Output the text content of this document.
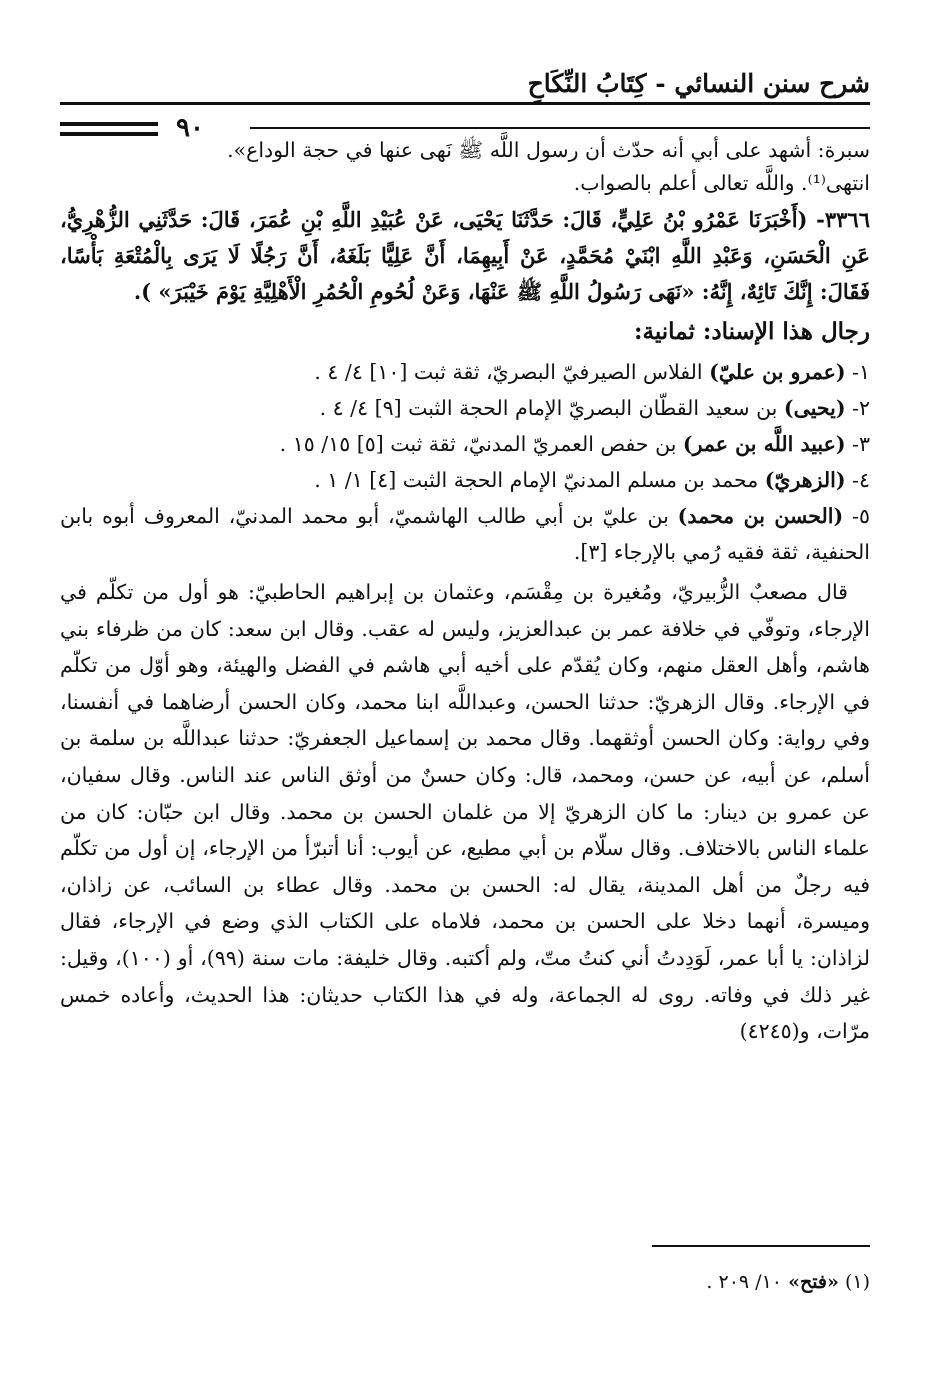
شرح سنن النسائي - كِتَابُ النِّكَاحِ
٩٠

سبرة: أشهد على أبي أنه حدّث أن رسول اللَّه ﷺ نَهى عنها في حجة الوداع».

انتهى⁽¹⁾. واللَّه تعالى أعلم بالصواب.

٣٣٦٦- (أَخْبَرَنَا عَمْرُو بْنُ عَلِيٍّ، قَالَ: حَدَّثَنَا يَحْيَى، عَنْ عُبَيْدِ اللَّهِ بْنِ عُمَرَ، قَالَ: حَدَّثَنِي الزُّهْرِيُّ، عَنِ الْحَسَنِ، وَعَبْدِ اللَّهِ ابْنَيْ مُحَمَّدٍ، عَنْ أَبِيهِمَا، أَنَّ عَلِيًّا بَلَغَهُ، أَنَّ رَجُلًا لَا يَرَى بِالْمُتْعَةِ بَأْسًا، فَقَالَ: إِنَّكَ تَائِهٌ، إِنَّهُ: «نَهَى رَسُولُ اللَّهِ ﷺ عَنْهَا، وَعَنْ لُحُومِ الْحُمُرِ الْأَهْلِيَّةِ يَوْمَ خَيْبَرَ» ).

رجال هذا الإسناد: ثمانية:

١- (عمرو بن عليّ) الفلاس الصيرفيّ البصريّ، ثقة ثبت [١٠] ٤/ ٤ .
٢- (يحيى) بن سعيد القطّان البصريّ الإمام الحجة الثبت [٩] ٤/ ٤ .
٣- (عبيد اللَّه بن عمر) بن حفص العمريّ المدنيّ، ثقة ثبت [٥] ١٥/ ١٥ .
٤- (الزهريّ) محمد بن مسلم المدنيّ الإمام الحجة الثبت [٤] ١/ ١ .
٥- (الحسن بن محمد) بن عليّ بن أبي طالب الهاشميّ، أبو محمد المدنيّ، المعروف أبوه بابن الحنفية، ثقة فقيه رُمي بالإرجاء [٣].

قال مصعبٌ الزُّبيريّ، ومُغيرة بن مِقْسَم، وعثمان بن إبراهيم الحاطبيّ: هو أول من تكلّم في الإرجاء، وتوفّي في خلافة عمر بن عبدالعزيز، وليس له عقب. وقال ابن سعد: كان من ظرفاء بني هاشم، وأهل العقل منهم، وكان يُقدّم على أخيه أبي هاشم في الفضل والهيئة، وهو أوّل من تكلّم في الإرجاء. وقال الزهريّ: حدثنا الحسن، وعبداللَّه ابنا محمد، وكان الحسن أرضاهما في أنفسنا، وفي رواية: وكان الحسن أوثقهما. وقال محمد بن إسماعيل الجعفريّ: حدثنا عبداللَّه بن سلمة بن أسلم، عن أبيه، عن حسن، ومحمد، قال: وكان حسنٌ من أوثق الناس عند الناس. وقال سفيان، عن عمرو بن دينار: ما كان الزهريّ إلا من غلمان الحسن بن محمد. وقال ابن حبّان: كان من علماء الناس بالاختلاف. وقال سلّام بن أبي مطيع، عن أيوب: أنا أتبرّأ من الإرجاء، إن أول من تكلّم فيه رجلٌ من أهل المدينة، يقال له: الحسن بن محمد. وقال عطاء بن السائب، عن زاذان، وميسرة، أنهما دخلا على الحسن بن محمد، فلاماه على الكتاب الذي وضع في الإرجاء، فقال لزاذان: يا أبا عمر، لَوَدِدتُ أني كنتُ متّ، ولم أكتبه. وقال خليفة: مات سنة (٩٩)، أو (١٠٠)، وقيل: غير ذلك في وفاته. روى له الجماعة، وله في هذا الكتاب حديثان: هذا الحديث، وأعاده خمس مرّات، و(٤٢٤٥)

(١) «فتح» ١٠/ ٢٠٩ .
